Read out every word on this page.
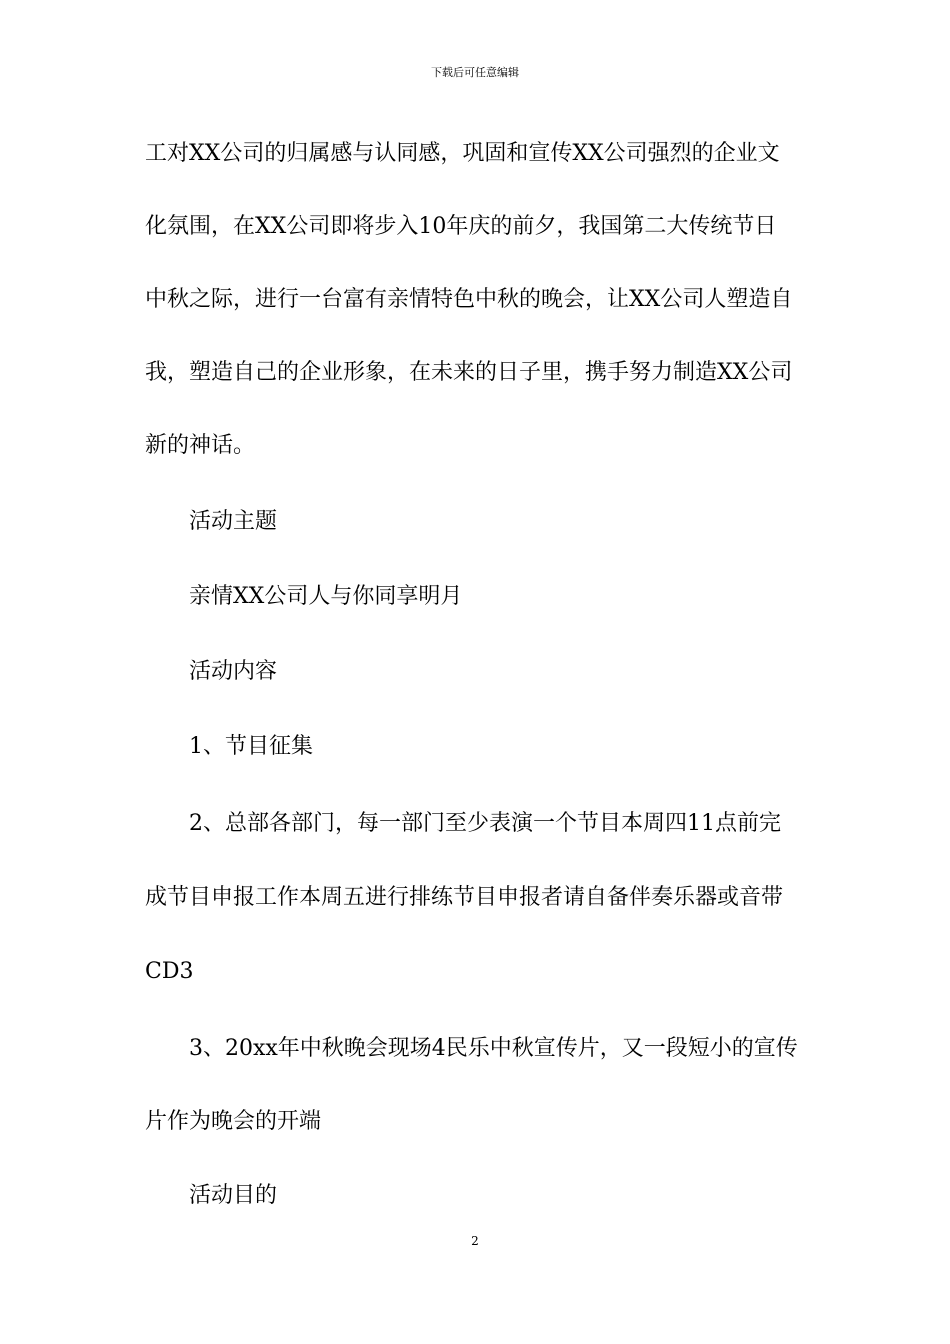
下载后可任意编辑
工对XX公司的归属感与认同感，巩固和宣传XX公司强烈的企业文
化氛围，在XX公司即将步入10年庆的前夕，我国第二大传统节日
中秋之际，进行一台富有亲情特色中秋的晚会，让XX公司人塑造自
我，塑造自己的企业形象，在未来的日子里，携手努力制造XX公司
新的神话。
活动主题
亲情XX公司人与你同享明月
活动内容
1、节目征集
2、总部各部门，每一部门至少表演一个节目本周四11点前完
成节目申报工作本周五进行排练节目申报者请自备伴奏乐器或音带
CD3
3、20xx年中秋晚会现场4民乐中秋宣传片，又一段短小的宣传
片作为晚会的开端
活动目的
2
